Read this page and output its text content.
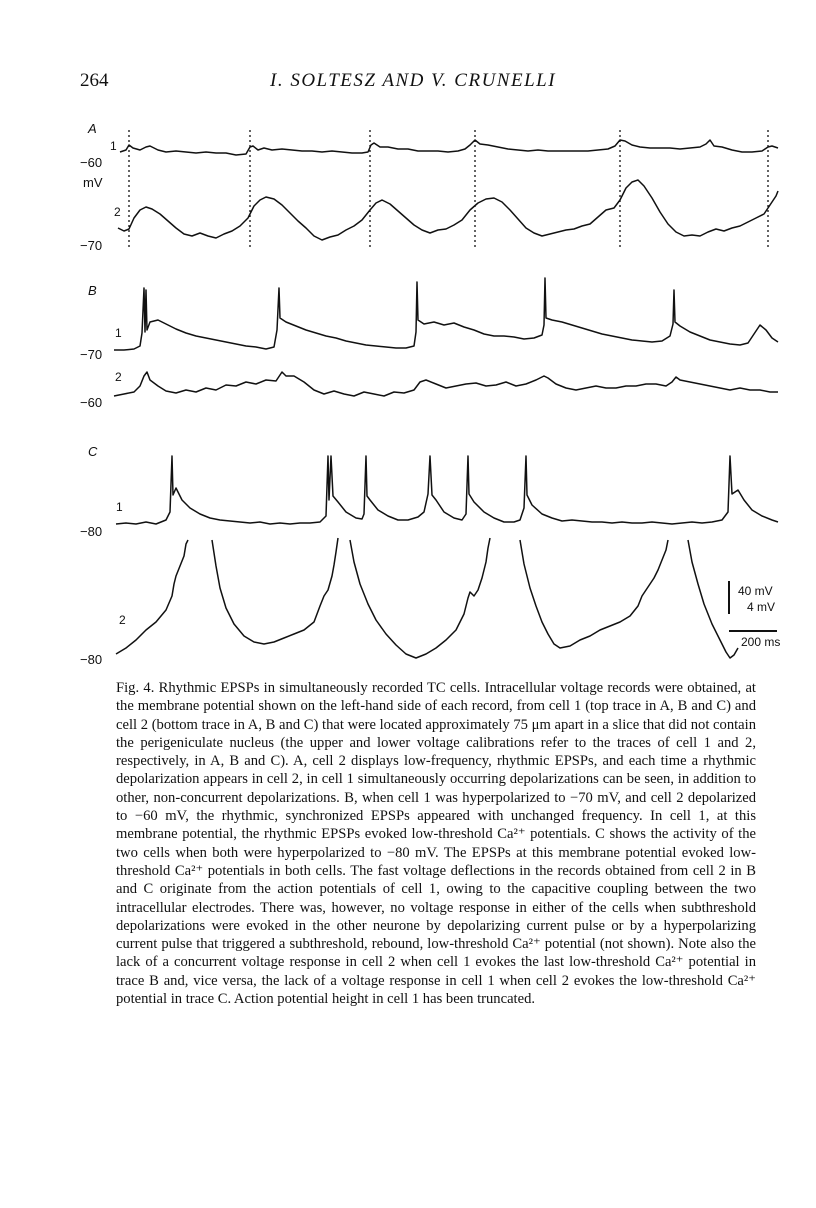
264	I. SOLTESZ AND V. CRUNELLI
A
−60
mV
−70
1
2
B
−70
−60
1
2
C
−80
−80
1
2
40 mV
4 mV
200 ms

Fig. 4. Rhythmic EPSPs in simultaneously recorded TC cells. Intracellular voltage records were obtained, at the membrane potential shown on the left-hand side of each record, from cell 1 (top trace in A, B and C) and cell 2 (bottom trace in A, B and C) that were located approximately 75 μm apart in a slice that did not contain the perigeniculate nucleus (the upper and lower voltage calibrations refer to the traces of cell 1 and 2, respectively, in A, B and C). A, cell 2 displays low-frequency, rhythmic EPSPs, and each time a rhythmic depolarization appears in cell 2, in cell 1 simultaneously occurring depolarizations can be seen, in addition to other, non-concurrent depolarizations. B, when cell 1 was hyperpolarized to −70 mV, and cell 2 depolarized to −60 mV, the rhythmic, synchronized EPSPs appeared with unchanged frequency. In cell 1, at this membrane potential, the rhythmic EPSPs evoked low-threshold Ca²⁺ potentials. C shows the activity of the two cells when both were hyperpolarized to −80 mV. The EPSPs at this membrane potential evoked low-threshold Ca²⁺ potentials in both cells. The fast voltage deflections in the records obtained from cell 2 in B and C originate from the action potentials of cell 1, owing to the capacitive coupling between the two intracellular electrodes. There was, however, no voltage response in either of the cells when subthreshold depolarizations were evoked in the other neurone by depolarizing current pulse or by a hyperpolarizing current pulse that triggered a subthreshold, rebound, low-threshold Ca²⁺ potential (not shown). Note also the lack of a concurrent voltage response in cell 2 when cell 1 evokes the last low-threshold Ca²⁺ potential in trace B and, vice versa, the lack of a voltage response in cell 1 when cell 2 evokes the low-threshold Ca²⁺ potential in trace C. Action potential height in cell 1 has been truncated.
